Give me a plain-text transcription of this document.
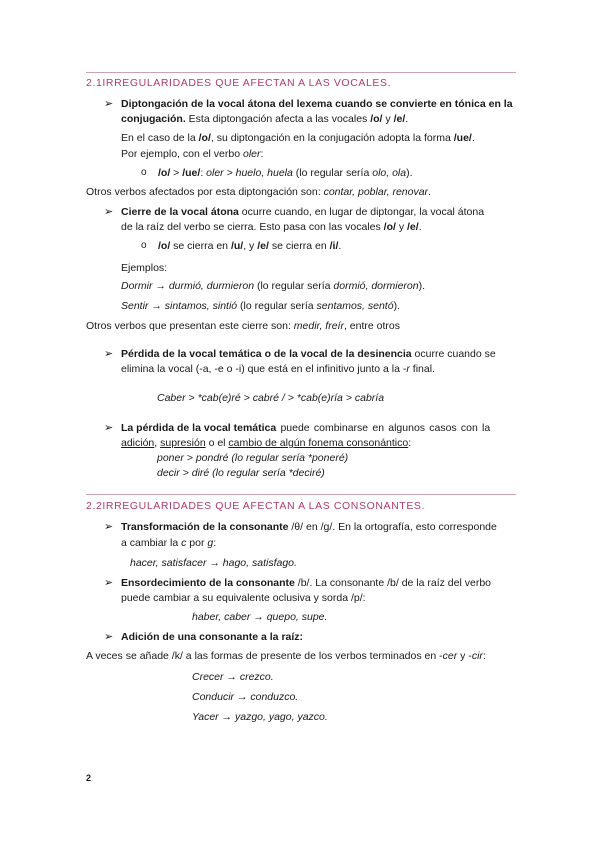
2.1IRREGULARIDADES QUE AFECTAN A LAS VOCALES.
➢ Diptongación de la vocal átona del lexema cuando se convierte en tónica en la
conjugación. Esta diptongación afecta a las vocales /o/ y /e/.
En el caso de la /o/, su diptongación en la conjugación adopta la forma /ue/.
Por ejemplo, con el verbo oler:
o /o/ > /ue/: oler > huelo, huela (lo regular sería olo, ola).
Otros verbos afectados por esta diptongación son: contar, poblar, renovar.
➢ Cierre de la vocal átona ocurre cuando, en lugar de diptongar, la vocal átona
de la raíz del verbo se cierra. Esto pasa con las vocales /o/ y /e/.
o /o/ se cierra en /u/, y /e/ se cierra en /i/.
Ejemplos:
Dormir → durmió, durmieron (lo regular sería dormió, dormieron).
Sentir → sintamos, sintió (lo regular sería sentamos, sentó).
Otros verbos que presentan este cierre son: medir, freír, entre otros
➢ Pérdida de la vocal temática o de la vocal de la desinencia ocurre cuando se
elimina la vocal (-a, -e o -i) que está en el infinitivo junto a la -r final.
Caber > *cab(e)ré > cabré / > *cab(e)ría > cabría
➢ La pérdida de la vocal temática puede combinarse en algunos casos con la
adición, supresión o el cambio de algún fonema consonántico:
poner > pondré (lo regular sería *poneré)
decir > diré (lo regular sería *deciré)
2.2IRREGULARIDADES QUE AFECTAN A LAS CONSONANTES.
➢ Transformación de la consonante /θ/ en /g/. En la ortografía, esto corresponde
a cambiar la c por g:
hacer, satisfacer → hago, satisfago.
➢ Ensordecimiento de la consonante /b/. La consonante /b/ de la raíz del verbo
puede cambiar a su equivalente oclusiva y sorda /p/:
haber, caber → quepo, supe.
➢ Adición de una consonante a la raíz:
A veces se añade /k/ a las formas de presente de los verbos terminados en -cer y -cir:
Crecer → crezco.
Conducir → conduzco.
Yacer → yazgo, yago, yazco.
2
